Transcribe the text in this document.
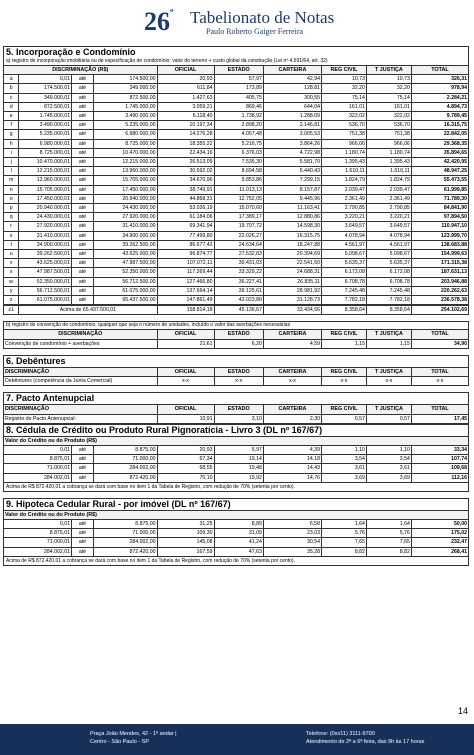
$26^º$ Tabelionato de Notas
Paulo Roberto Gaiger Ferreira
5. Incorporação e Condomínio
a) registro de incorporação imobiliária ou de especificação de condomínio: valor do terreno + custo global da construção (Lei nº 4.591/64, art. 32)
DISCRIMINAÇÃO (R$)				OFICIAL	ESTADO	CARTEIRA	REG CIVIL	T JUSTIÇA	TOTAL
a	0,01	até	174.500,00	20,93	57,97	42,94	10,73	10,73	326,31
b	174.500,01	até	349.000,00	611,84	173,89	128,81	32,20	32,20	978,94
c	349.000,01	até	872.500,00	1.427,63	405,75	300,55	75,14	75,14	2.284,21
d	872.500,01	até	1.745.000,00	3.059,21	869,46	644,04	161,01	161,01	4.894,73
e	1.745.000,01	até	3.490.000,00	6.118,40	1.738,92	1.288,09	322,02	322,02	9.789,45
f	3.490.000,01	até	5.235.000,00	10.197,34	2.898,20	2.146,81	536,70	536,70	16.315,75
g	5.235.000,01	até	6.980.000,00	14.276,28	4.057,48	3.005,53	751,38	751,38	22.842,05
h	6.980.000,01	até	8.725.000,00	18.355,22	5.216,75	3.864,26	966,06	966,06	29.368,35
i	8.725.000,01	até	10.470.000,00	22.434,16	6.376,03	4.722,98	1.180,74	1.180,74	35.894,65
j	10.470.000,01	até	12.215.000,00	26.513,09	7.535,30	5.581,70	1.395,43	1.395,43	42.420,95
l	12.215.000,01	até	13.960.000,00	30.592,02	8.694,58	6.440,43	1.610,11	1.610,11	48.947,25
m	13.960.000,01	até	15.705.000,00	34.670,96	9.853,86	7.299,15	1.824,79	1.824,79	55.473,55
n	15.705.000,01	até	17.450.000,00	38.749,91	11.013,13	8.157,87	2.039,47	2.039,47	61.999,85
o	17.450.000,01	até	20.940.000,00	44.868,31	12.752,05	9.445,96	2.361,49	2.361,49	71.789,30
p	20.940.000,01	até	24.430.000,00	53.026,19	15.070,60	11.163,41	2.790,85	2.790,85	84.841,90
q	24.430.000,01	até	27.920.000,00	61.184,06	17.389,17	12.880,86	3.220,21	3.220,21	97.894,50
r	27.920.000,01	até	31.410.000,00	69.341,94	19.707,72	14.598,30	3.649,57	3.649,57	110.947,10
s	31.410.000,01	até	34.900.000,00	77.499,80	22.026,27	16.315,75	4.078,94	4.078,94	123.999,70
t	34.900.000,01	até	39.262.500,00	86.677,42	24.634,64	18.247,88	4.561,97	4.561,97	138.683,88
u	39.262.500,01	até	43.625.000,00	96.874,77	27.532,83	20.394,69	5.098,67	5.098,67	154.999,63
v	43.625.000,01	até	47.987.500,00	107.072,11	30.431,03	22.541,50	5.635,37	5.635,37	171.315,38
x	47.987.500,01	até	52.350.000,00	117.269,44	33.329,22	24.688,31	6.172,08	6.172,08	187.631,13
w	52.350.000,01	até	56.712.500,00	127.466,80	36.227,41	26.835,11	6.708,78	6.708,78	203.946,88
y	56.712.500,01	até	61.075.000,00	137.664,14	39.125,61	28.981,92	7.245,48	7.245,48	220.262,63
z	61.075.000,01	até	65.437.500,00	147.861,49	42.023,80	31.128,73	7.782,18	7.782,18	236.578,38
z1	Acima de 65.437.500,01	158.814,18	45.136,67	33.434,56	8.358,64	8.358,64	254.102,69
b) registro de convenção de condomínio, qualquer que seja o número de unidades, incluído o valor das averbações necessárias
DISCRIMINAÇÃO	OFICIAL	ESTADO	CARTEIRA	REG CIVIL	T JUSTIÇA	TOTAL
Convenção de condomínio + averbações	21,61	6,20	4,59	1,15	1,15	34,90
6. Debêntures
DISCRIMINAÇÃO	OFICIAL	ESTADO	CARTEIRA	REG CIVIL	T JUSTIÇA	TOTAL
Debêntures (competência da Junta Comercial)	x-x	x-x	x-x	x-x	x-x	x-x
7. Pacto Antenupcial
DISCRIMINAÇÃO	OFICIAL	ESTADO	CARTEIRA	REG CIVIL	T JUSTIÇA	TOTAL
Registro do Pacto Antenupcial:	10,91	3,10	2,30	0,57	0,57	17,45
8. Cédula de Crédito ou Produto Rural Pignoratícia - Livro 3 (DL nº 167/67)
Valor do Crédito ou do Produto (R$)								
0,01	até	8.875,00	20,93	5,97	4,39	1,10	1,10	33,34
8.875,01	até	71.000,00	67,34	19,14	14,18	3,54	3,54	107,74
71.000,01	até	284.002,00	68,55	19,48	14,43	3,61	3,61	109,68
284.002,01	até	872.420,00	70,10	19,92	14,76	3,69	3,69	112,16
Acima de R$ 872.420,01 a cobrança se dará com base no item 1 da Tabela de Registro, com redução de 70% (setenta por cento).
9. Hipoteca Cedular Rural - por imóvel (DL nº 167/67)
Valor do Crédito ou do Produto (R$)								
0,01	até	8.875,00	31,25	8,89	6,58	1,64	1,64	50,00
8.875,01	até	71.000,00	109,30	31,09	23,03	5,76	5,76	175,02
71.000,01	até	284.002,00	145,08	41,24	30,54	7,65	7,65	232,47
284.002,01	até	872.420,00	167,59	47,63	35,28	8,82	8,82	268,41
Acima de R$ 872.420,01 a cobrança se dará com base no item 1 da Tabela de Registro, com redução de 70% (setenta por cento).
14
Praça João Mendes, 42 - 1º andar |
Centro - São Paulo - SP
Telefone: (0xx11) 3111-9700
Atendimento de 2ª a 6ª feira, das 9h às 17 horas
